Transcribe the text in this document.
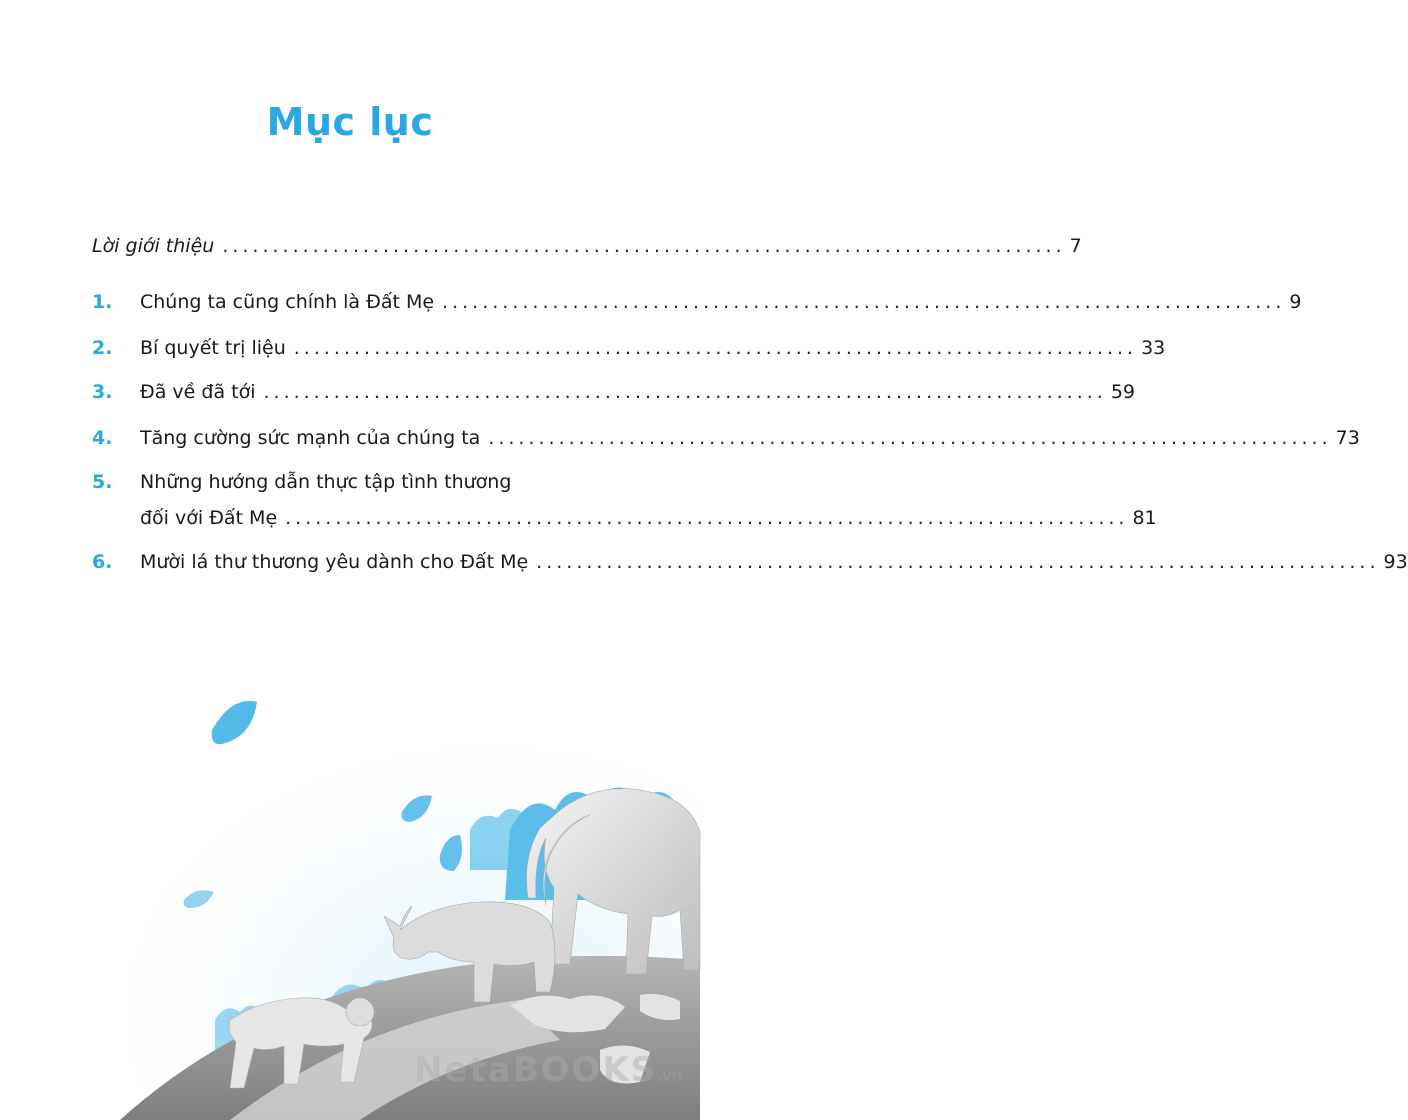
Mục lục
Lời giới thiệu .................................................................................... 7
1. Chúng ta cũng chính là Đất Mẹ .................................................................................... 9
2. Bí quyết trị liệu .................................................................................... 33
3. Đã về đã tới .................................................................................... 59
4. Tăng cường sức mạnh của chúng ta .................................................................................... 73
5. Những hướng dẫn thực tập tình thương
đối với Đất Mẹ .................................................................................... 81
6. Mười lá thư thương yêu dành cho Đất Mẹ .................................................................................... 93
NetaBOOKS.vn
